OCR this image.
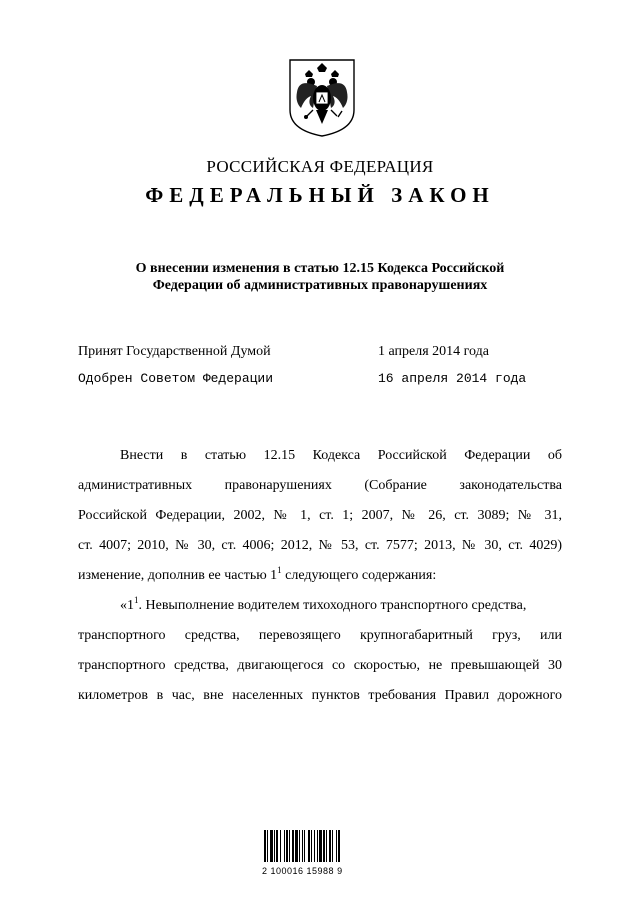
РОССИЙСКАЯ ФЕДЕРАЦИЯ
ФЕДЕРАЛЬНЫЙ ЗАКОН
О внесении изменения в статью 12.15 Кодекса Российской
Федерации об административных правонарушениях
Принят Государственной Думой	1 апреля 2014 года
Одобрен Советом Федерации	16 апреля 2014 года
Внести в статью 12.15 Кодекса Российской Федерации об
административных правонарушениях (Собрание законодательства
Российской Федерации, 2002, № 1, ст. 1; 2007, № 26, ст. 3089; № 31,
ст. 4007; 2010, № 30, ст. 4006; 2012, № 53, ст. 7577; 2013, № 30, ст. 4029)
изменение, дополнив ее частью $1^1$ следующего содержания:
«$1^1$. Невыполнение водителем тихоходного транспортного средства,
транспортного средства, перевозящего крупногабаритный груз, или
транспортного средства, двигающегося со скоростью, не превышающей 30
километров в час, вне населенных пунктов требования Правил дорожного
2 100016 15988 9
